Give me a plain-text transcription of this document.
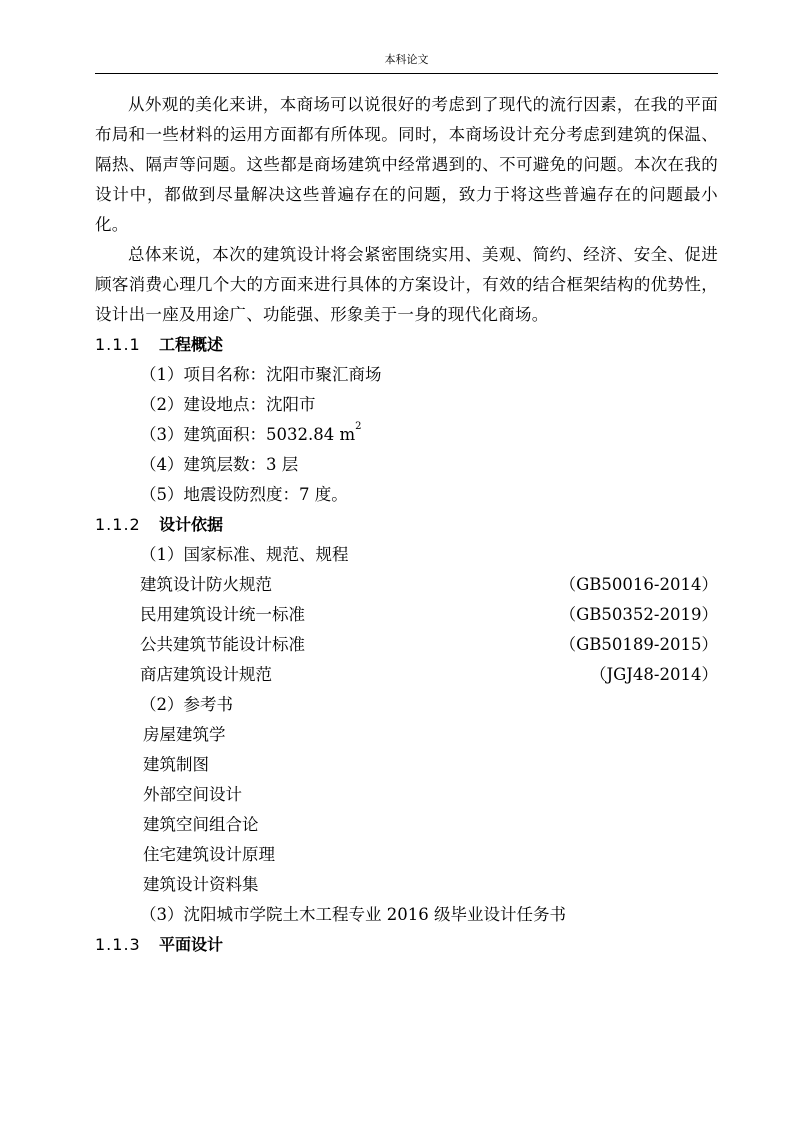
本科论文

从外观的美化来讲，本商场可以说很好的考虑到了现代的流行因素，在我的平面布局和一些材料的运用方面都有所体现。同时，本商场设计充分考虑到建筑的保温、隔热、隔声等问题。这些都是商场建筑中经常遇到的、不可避免的问题。本次在我的设计中，都做到尽量解决这些普遍存在的问题，致力于将这些普遍存在的问题最小化。

总体来说，本次的建筑设计将会紧密围绕实用、美观、简约、经济、安全、促进顾客消费心理几个大的方面来进行具体的方案设计，有效的结合框架结构的优势性，设计出一座及用途广、功能强、形象美于一身的现代化商场。

1.1.1 工程概述
（1）项目名称：沈阳市聚汇商场
（2）建设地点：沈阳市
（3）建筑面积：5032.84 $m^2$
（4）建筑层数：3 层
（5）地震设防烈度：7 度。
1.1.2 设计依据
（1）国家标准、规范、规程
建筑设计防火规范	（GB50016-2014）
民用建筑设计统一标准	（GB50352-2019）
公共建筑节能设计标准	（GB50189-2015）
商店建筑设计规范	（JGJ48-2014）
（2）参考书
房屋建筑学
建筑制图
外部空间设计
建筑空间组合论
住宅建筑设计原理
建筑设计资料集
（3）沈阳城市学院土木工程专业 2016 级毕业设计任务书
1.1.3 平面设计
